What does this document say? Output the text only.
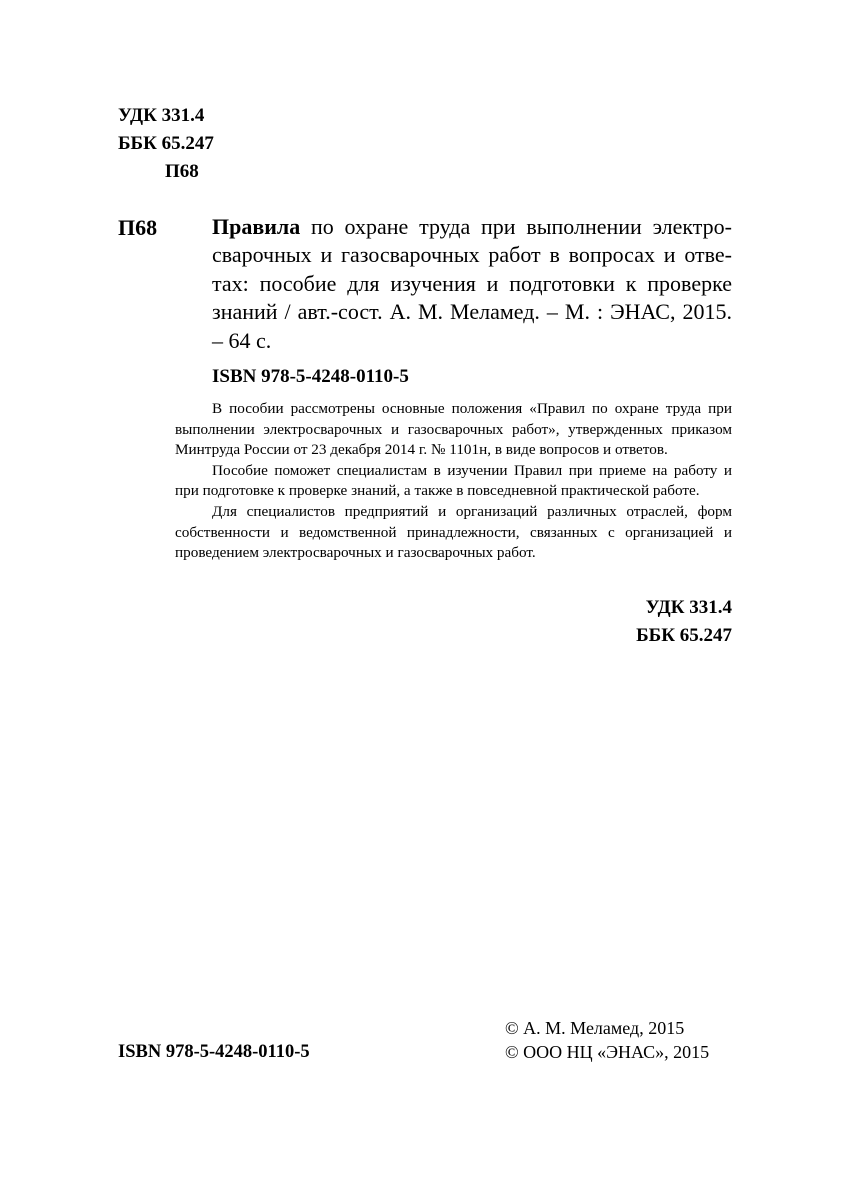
УДК 331.4
ББК 65.247
П68
П68 Правила по охране труда при выполнении электросварочных и газосварочных работ в вопросах и ответах: пособие для изучения и подготовки к проверке знаний / авт.-сост. А. М. Меламед. – М. : ЭНАС, 2015. – 64 с.
ISBN 978-5-4248-0110-5

В пособии рассмотрены основные положения «Правил по охране труда при выполнении электросварочных и газосварочных работ», утвержденных приказом Минтруда России от 23 декабря 2014 г. № 1101н, в виде вопросов и ответов.

Пособие поможет специалистам в изучении Правил при приеме на работу и при подготовке к проверке знаний, а также в повседневной практической работе.

Для специалистов предприятий и организаций различных отраслей, форм собственности и ведомственной принадлежности, связанных с организацией и проведением электросварочных и газосварочных работ.

УДК 331.4
ББК 65.247
ISBN 978-5-4248-0110-5
© А. М. Меламед, 2015
© ООО НЦ «ЭНАС», 2015
